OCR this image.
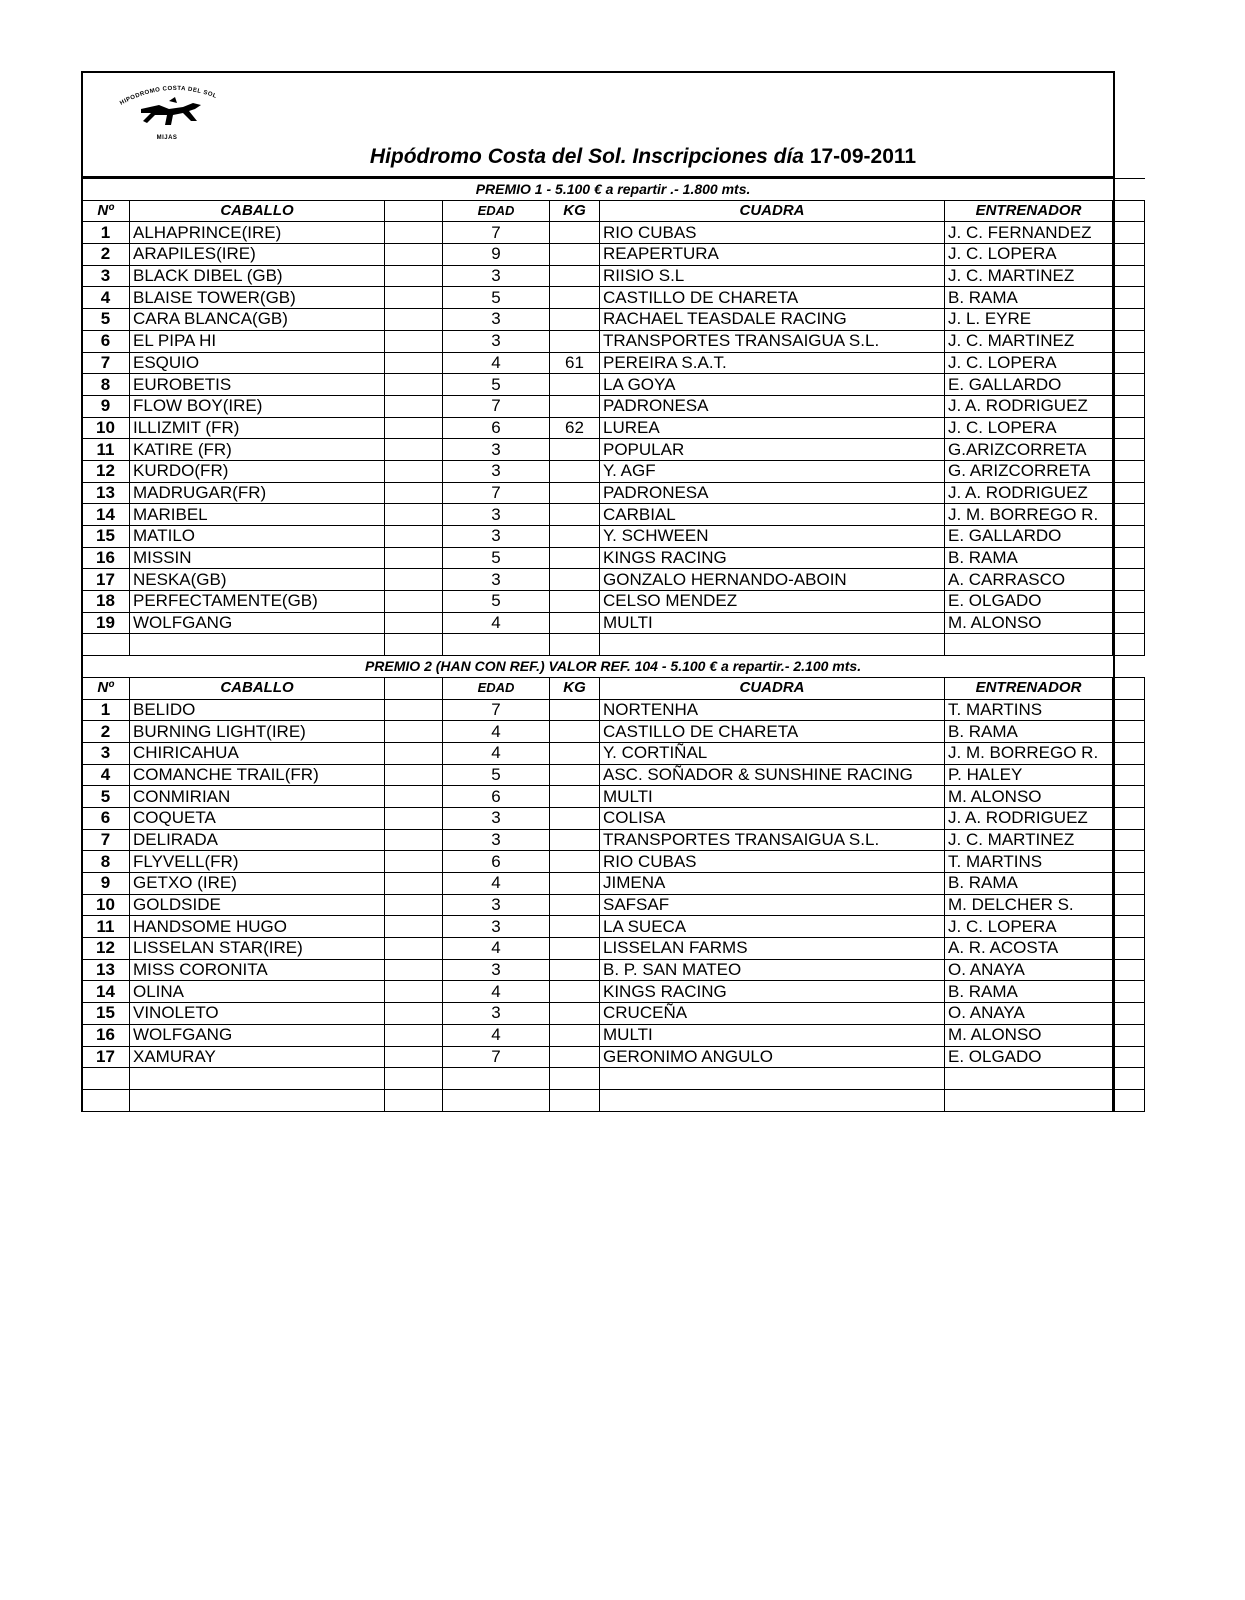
HIPODROMO COSTA DEL SOL
MIJAS
Hipódromo Costa del Sol. Inscripciones día 17-09-2011
PREMIO 1 - 5.100 € a repartir .- 1.800 mts.								
Nº	CABALLO		EDAD	KG	CUADRA	ENTRENADOR		
1	ALHAPRINCE(IRE)		7		RIO CUBAS	J. C. FERNANDEZ		
2	ARAPILES(IRE)		9		REAPERTURA	J. C. LOPERA		
3	BLACK DIBEL (GB)		3		RIISIO S.L	J. C. MARTINEZ		
4	BLAISE TOWER(GB)		5		CASTILLO DE CHARETA	B. RAMA		
5	CARA BLANCA(GB)		3		RACHAEL TEASDALE RACING	J. L. EYRE		
6	EL PIPA HI		3		TRANSPORTES TRANSAIGUA S.L.	J. C. MARTINEZ		
7	ESQUIO		4	61	PEREIRA S.A.T.	J. C. LOPERA		
8	EUROBETIS		5		LA GOYA	E. GALLARDO		
9	FLOW BOY(IRE)		7		PADRONESA	J. A. RODRIGUEZ		
10	ILLIZMIT (FR)		6	62	LUREA	J. C. LOPERA		
11	KATIRE (FR)		3		POPULAR	G.ARIZCORRETA		
12	KURDO(FR)		3		Y. AGF	G. ARIZCORRETA		
13	MADRUGAR(FR)		7		PADRONESA	J. A. RODRIGUEZ		
14	MARIBEL		3		CARBIAL	J. M. BORREGO R.		
15	MATILO		3		Y. SCHWEEN	E. GALLARDO		
16	MISSIN		5		KINGS RACING	B. RAMA		
17	NESKA(GB)		3		GONZALO HERNANDO-ABOIN	A. CARRASCO		
18	PERFECTAMENTE(GB)		5		CELSO MENDEZ	E. OLGADO		
19	WOLFGANG		4		MULTI	M. ALONSO		

PREMIO 2 (HAN CON REF.) VALOR REF. 104 - 5.100 € a repartir.- 2.100 mts.								
Nº	CABALLO		EDAD	KG	CUADRA	ENTRENADOR		
1	BELIDO		7		NORTENHA	T. MARTINS		
2	BURNING LIGHT(IRE)		4		CASTILLO DE CHARETA	B. RAMA		
3	CHIRICAHUA		4		Y. CORTIÑAL	J. M. BORREGO R.		
4	COMANCHE TRAIL(FR)		5		ASC. SOÑADOR & SUNSHINE RACING	P. HALEY		
5	CONMIRIAN		6		MULTI	M. ALONSO		
6	COQUETA		3		COLISA	J. A. RODRIGUEZ		
7	DELIRADA		3		TRANSPORTES TRANSAIGUA S.L.	J. C. MARTINEZ		
8	FLYVELL(FR)		6		RIO CUBAS	T. MARTINS		
9	GETXO (IRE)		4		JIMENA	B. RAMA		
10	GOLDSIDE		3		SAFSAF	M. DELCHER S.		
11	HANDSOME HUGO		3		LA SUECA	J. C. LOPERA		
12	LISSELAN STAR(IRE)		4		LISSELAN FARMS	A. R. ACOSTA		
13	MISS CORONITA		3		B. P. SAN MATEO	O. ANAYA		
14	OLINA		4		KINGS RACING	B. RAMA		
15	VINOLETO		3		CRUCEÑA	O. ANAYA		
16	WOLFGANG		4		MULTI	M. ALONSO		
17	XAMURAY		7		GERONIMO ANGULO	E. OLGADO		
